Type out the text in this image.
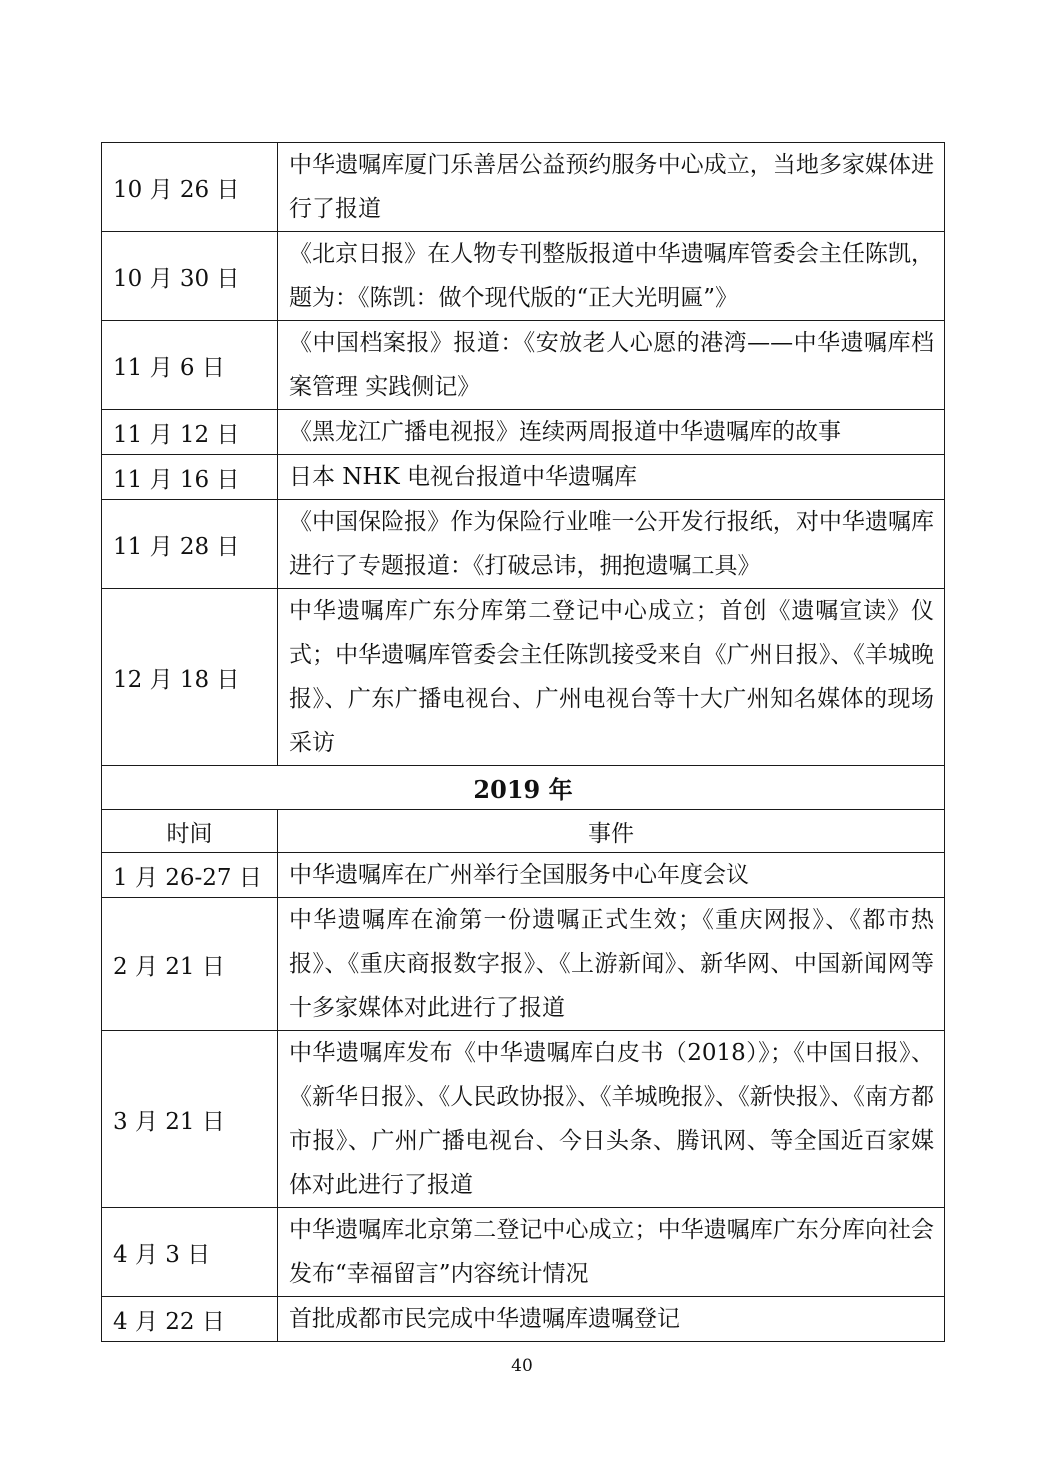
10 月 26 日	中华遗嘱库厦门乐善居公益预约服务中心成立，当地多家媒体进行了报道
10 月 30 日	《北京日报》在人物专刊整版报道中华遗嘱库管委会主任陈凯，题为：《陈凯：做个现代版的“正大光明匾”》
11 月 6 日	《中国档案报》报道：《安放老人心愿的港湾——中华遗嘱库档案管理 实践侧记》
11 月 12 日	《黑龙江广播电视报》连续两周报道中华遗嘱库的故事
11 月 16 日	日本 NHK 电视台报道中华遗嘱库
11 月 28 日	《中国保险报》作为保险行业唯一公开发行报纸，对中华遗嘱库进行了专题报道：《打破忌讳，拥抱遗嘱工具》
12 月 18 日	中华遗嘱库广东分库第二登记中心成立；首创《遗嘱宣读》仪式；中华遗嘱库管委会主任陈凯接受来自《广州日报》、《羊城晚报》、广东广播电视台、广州电视台等十大广州知名媒体的现场采访
2019 年	
时间	事件
1 月 26-27 日	中华遗嘱库在广州举行全国服务中心年度会议
2 月 21 日	中华遗嘱库在渝第一份遗嘱正式生效；《重庆网报》、《都市热报》、《重庆商报数字报》、《上游新闻》、新华网、中国新闻网等十多家媒体对此进行了报道
3 月 21 日	中华遗嘱库发布《中华遗嘱库白皮书（2018）》；《中国日报》、《新华日报》、《人民政协报》、《羊城晚报》、《新快报》、《南方都市报》、广州广播电视台、今日头条、腾讯网、等全国近百家媒体对此进行了报道
4 月 3 日	中华遗嘱库北京第二登记中心成立；中华遗嘱库广东分库向社会发布“幸福留言”内容统计情况
4 月 22 日	首批成都市民完成中华遗嘱库遗嘱登记
40
